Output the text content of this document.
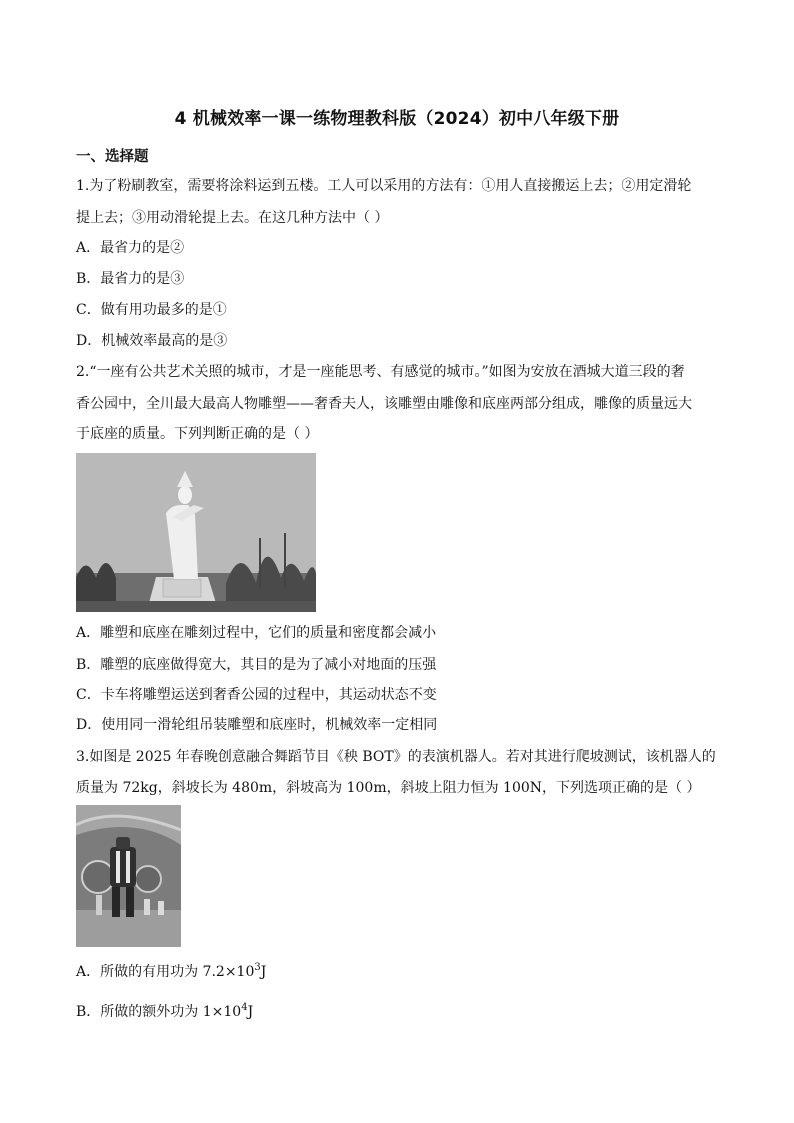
4 机械效率一课一练物理教科版（2024）初中八年级下册
一、选择题
1.为了粉刷教室，需要将涂料运到五楼。工人可以采用的方法有：①用人直接搬运上去；②用定滑轮
提上去；③用动滑轮提上去。在这几种方法中（ ）
A．最省力的是②
B．最省力的是③
C．做有用功最多的是①
D．机械效率最高的是③
2.“一座有公共艺术关照的城市，才是一座能思考、有感觉的城市。”如图为安放在酒城大道三段的奢
香公园中，全川最大最高人物雕塑——奢香夫人，该雕塑由雕像和底座两部分组成，雕像的质量远大
于底座的质量。下列判断正确的是（ ）
A．雕塑和底座在雕刻过程中，它们的质量和密度都会减小
B．雕塑的底座做得宽大，其目的是为了减小对地面的压强
C．卡车将雕塑运送到奢香公园的过程中，其运动状态不变
D．使用同一滑轮组吊装雕塑和底座时，机械效率一定相同
3.如图是 2025 年春晚创意融合舞蹈节目《秧 BOT》的表演机器人。若对其进行爬坡测试，该机器人的
质量为 72kg，斜坡长为 480m，斜坡高为 100m，斜坡上阻力恒为 100N，下列选项正确的是（ ）
A．所做的有用功为 $7.2\times 10^3J$
B．所做的额外功为 $1\times 10^4J$
